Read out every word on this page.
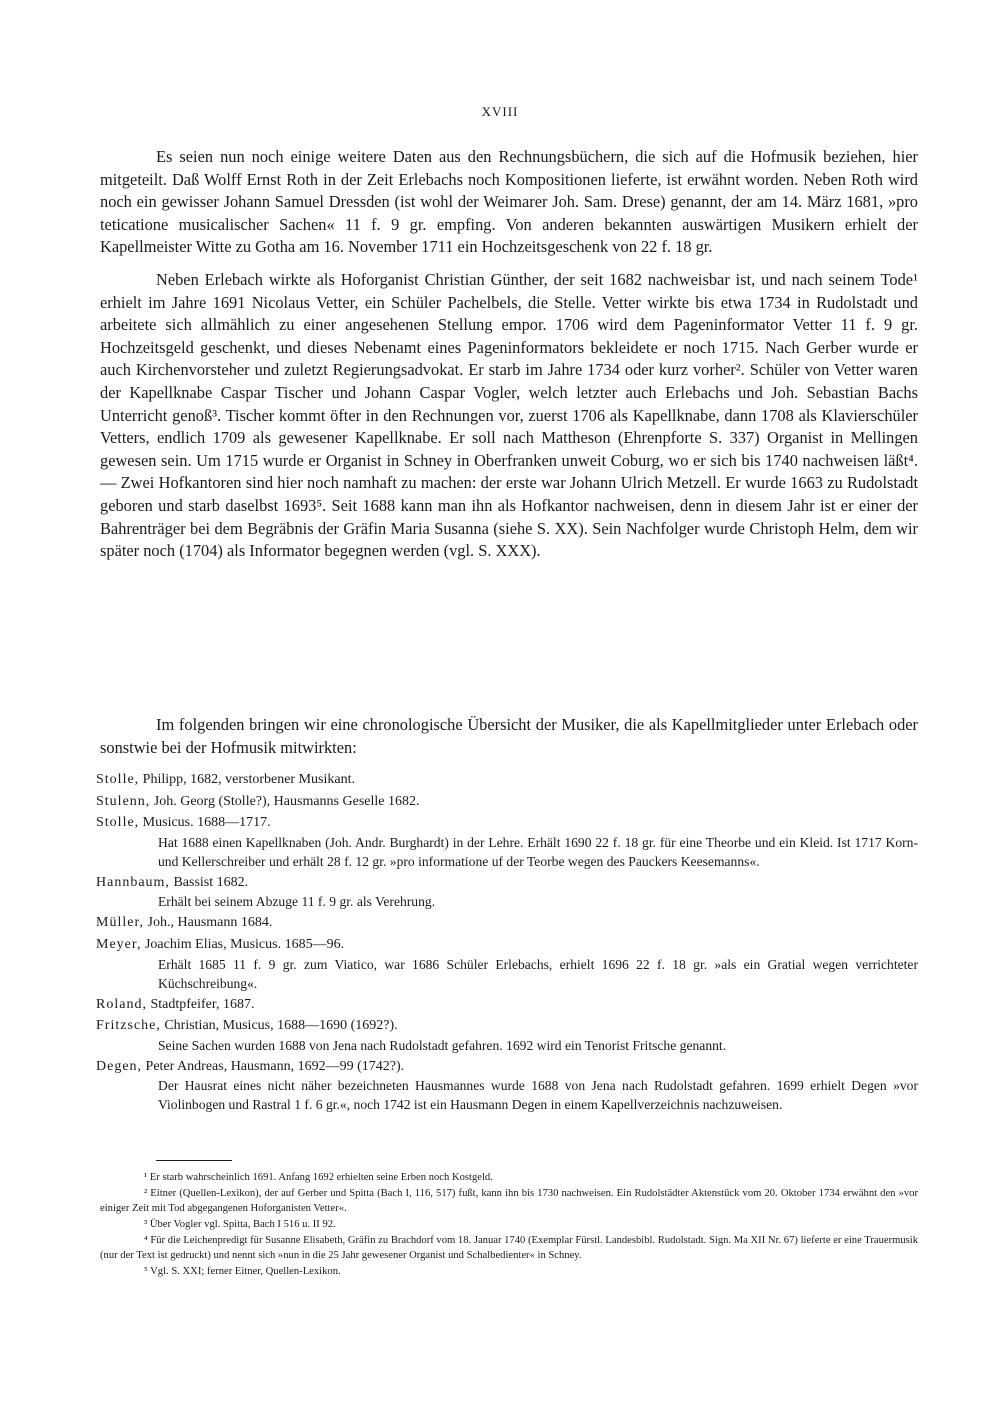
XVIII

Es seien nun noch einige weitere Daten aus den Rechnungsbüchern, die sich auf die Hofmusik beziehen, hier mitgeteilt. Daß Wolff Ernst Roth in der Zeit Erlebachs noch Kompositionen lieferte, ist erwähnt worden. Neben Roth wird noch ein gewisser Johann Samuel Dressden (ist wohl der Weimarer Joh. Sam. Drese) genannt, der am 14. März 1681, »pro teticatione musicalischer Sachen« 11 f. 9 gr. empfing. Von anderen bekannten auswärtigen Musikern erhielt der Kapellmeister Witte zu Gotha am 16. November 1711 ein Hochzeitsgeschenk von 22 f. 18 gr.

Neben Erlebach wirkte als Hoforganist Christian Günther, der seit 1682 nachweisbar ist, und nach seinem Tode¹ erhielt im Jahre 1691 Nicolaus Vetter, ein Schüler Pachelbels, die Stelle. Vetter wirkte bis etwa 1734 in Rudolstadt und arbeitete sich allmählich zu einer angesehenen Stellung empor. 1706 wird dem Pageninformator Vetter 11 f. 9 gr. Hochzeitsgeld geschenkt, und dieses Nebenamt eines Pageninformators bekleidete er noch 1715. Nach Gerber wurde er auch Kirchenvorsteher und zuletzt Regierungsadvokat. Er starb im Jahre 1734 oder kurz vorher². Schüler von Vetter waren der Kapellknabe Caspar Tischer und Johann Caspar Vogler, welch letzter auch Erlebachs und Joh. Sebastian Bachs Unterricht genoß³. Tischer kommt öfter in den Rechnungen vor, zuerst 1706 als Kapellknabe, dann 1708 als Klavierschüler Vetters, endlich 1709 als gewesener Kapellknabe. Er soll nach Mattheson (Ehrenpforte S. 337) Organist in Mellingen gewesen sein. Um 1715 wurde er Organist in Schney in Oberfranken unweit Coburg, wo er sich bis 1740 nachweisen läßt⁴. — Zwei Hofkantoren sind hier noch namhaft zu machen: der erste war Johann Ulrich Metzell. Er wurde 1663 zu Rudolstadt geboren und starb daselbst 1693⁵. Seit 1688 kann man ihn als Hofkantor nachweisen, denn in diesem Jahr ist er einer der Bahrenträger bei dem Begräbnis der Gräfin Maria Susanna (siehe S. XX). Sein Nachfolger wurde Christoph Helm, dem wir später noch (1704) als Informator begegnen werden (vgl. S. XXX).

Im folgenden bringen wir eine chronologische Übersicht der Musiker, die als Kapellmitglieder unter Erlebach oder sonstwie bei der Hofmusik mitwirkten:

Stolle, Philipp, 1682, verstorbener Musikant.
Stulenn, Joh. Georg (Stolle?), Hausmanns Geselle 1682.
Stolle, Musicus. 1688—1717.
Hat 1688 einen Kapellknaben (Joh. Andr. Burghardt) in der Lehre. Erhält 1690 22 f. 18 gr. für eine Theorbe und ein Kleid. Ist 1717 Korn- und Kellerschreiber und erhält 28 f. 12 gr. »pro informatione uf der Teorbe wegen des Pauckers Keesemanns«.
Hannbaum, Bassist 1682.
Erhält bei seinem Abzuge 11 f. 9 gr. als Verehrung.
Müller, Joh., Hausmann 1684.
Meyer, Joachim Elias, Musicus. 1685—96.
Erhält 1685 11 f. 9 gr. zum Viatico, war 1686 Schüler Erlebachs, erhielt 1696 22 f. 18 gr. »als ein Gratial wegen verrichteter Küchschreibung«.
Roland, Stadtpfeifer, 1687.
Fritzsche, Christian, Musicus, 1688—1690 (1692?).
Seine Sachen wurden 1688 von Jena nach Rudolstadt gefahren. 1692 wird ein Tenorist Fritsche genannt.
Degen, Peter Andreas, Hausmann, 1692—99 (1742?).
Der Hausrat eines nicht näher bezeichneten Hausmannes wurde 1688 von Jena nach Rudolstadt gefahren. 1699 erhielt Degen »vor Violinbogen und Rastral 1 f. 6 gr.«, noch 1742 ist ein Hausmann Degen in einem Kapellverzeichnis nachzuweisen.

¹ Er starb wahrscheinlich 1691. Anfang 1692 erhielten seine Erben noch Kostgeld.

² Eitner (Quellen-Lexikon), der auf Gerber und Spitta (Bach I, 116, 517) fußt, kann ihn bis 1730 nachweisen. Ein Rudolstädter Aktenstück vom 20. Oktober 1734 erwähnt den »vor einiger Zeit mit Tod abgegangenen Hoforganisten Vetter«.

³ Über Vogler vgl. Spitta, Bach I 516 u. II 92.

⁴ Für die Leichenpredigt für Susanne Elisabeth, Gräfin zu Brachdorf vom 18. Januar 1740 (Exemplar Fürstl. Landesbibl. Rudolstadt. Sign. Ma XII Nr. 67) lieferte er eine Trauermusik (nur der Text ist gedruckt) und nennt sich »nun in die 25 Jahr gewesener Organist und Schalbedienter« in Schney.

⁵ Vgl. S. XXI; ferner Eitner, Quellen-Lexikon.
